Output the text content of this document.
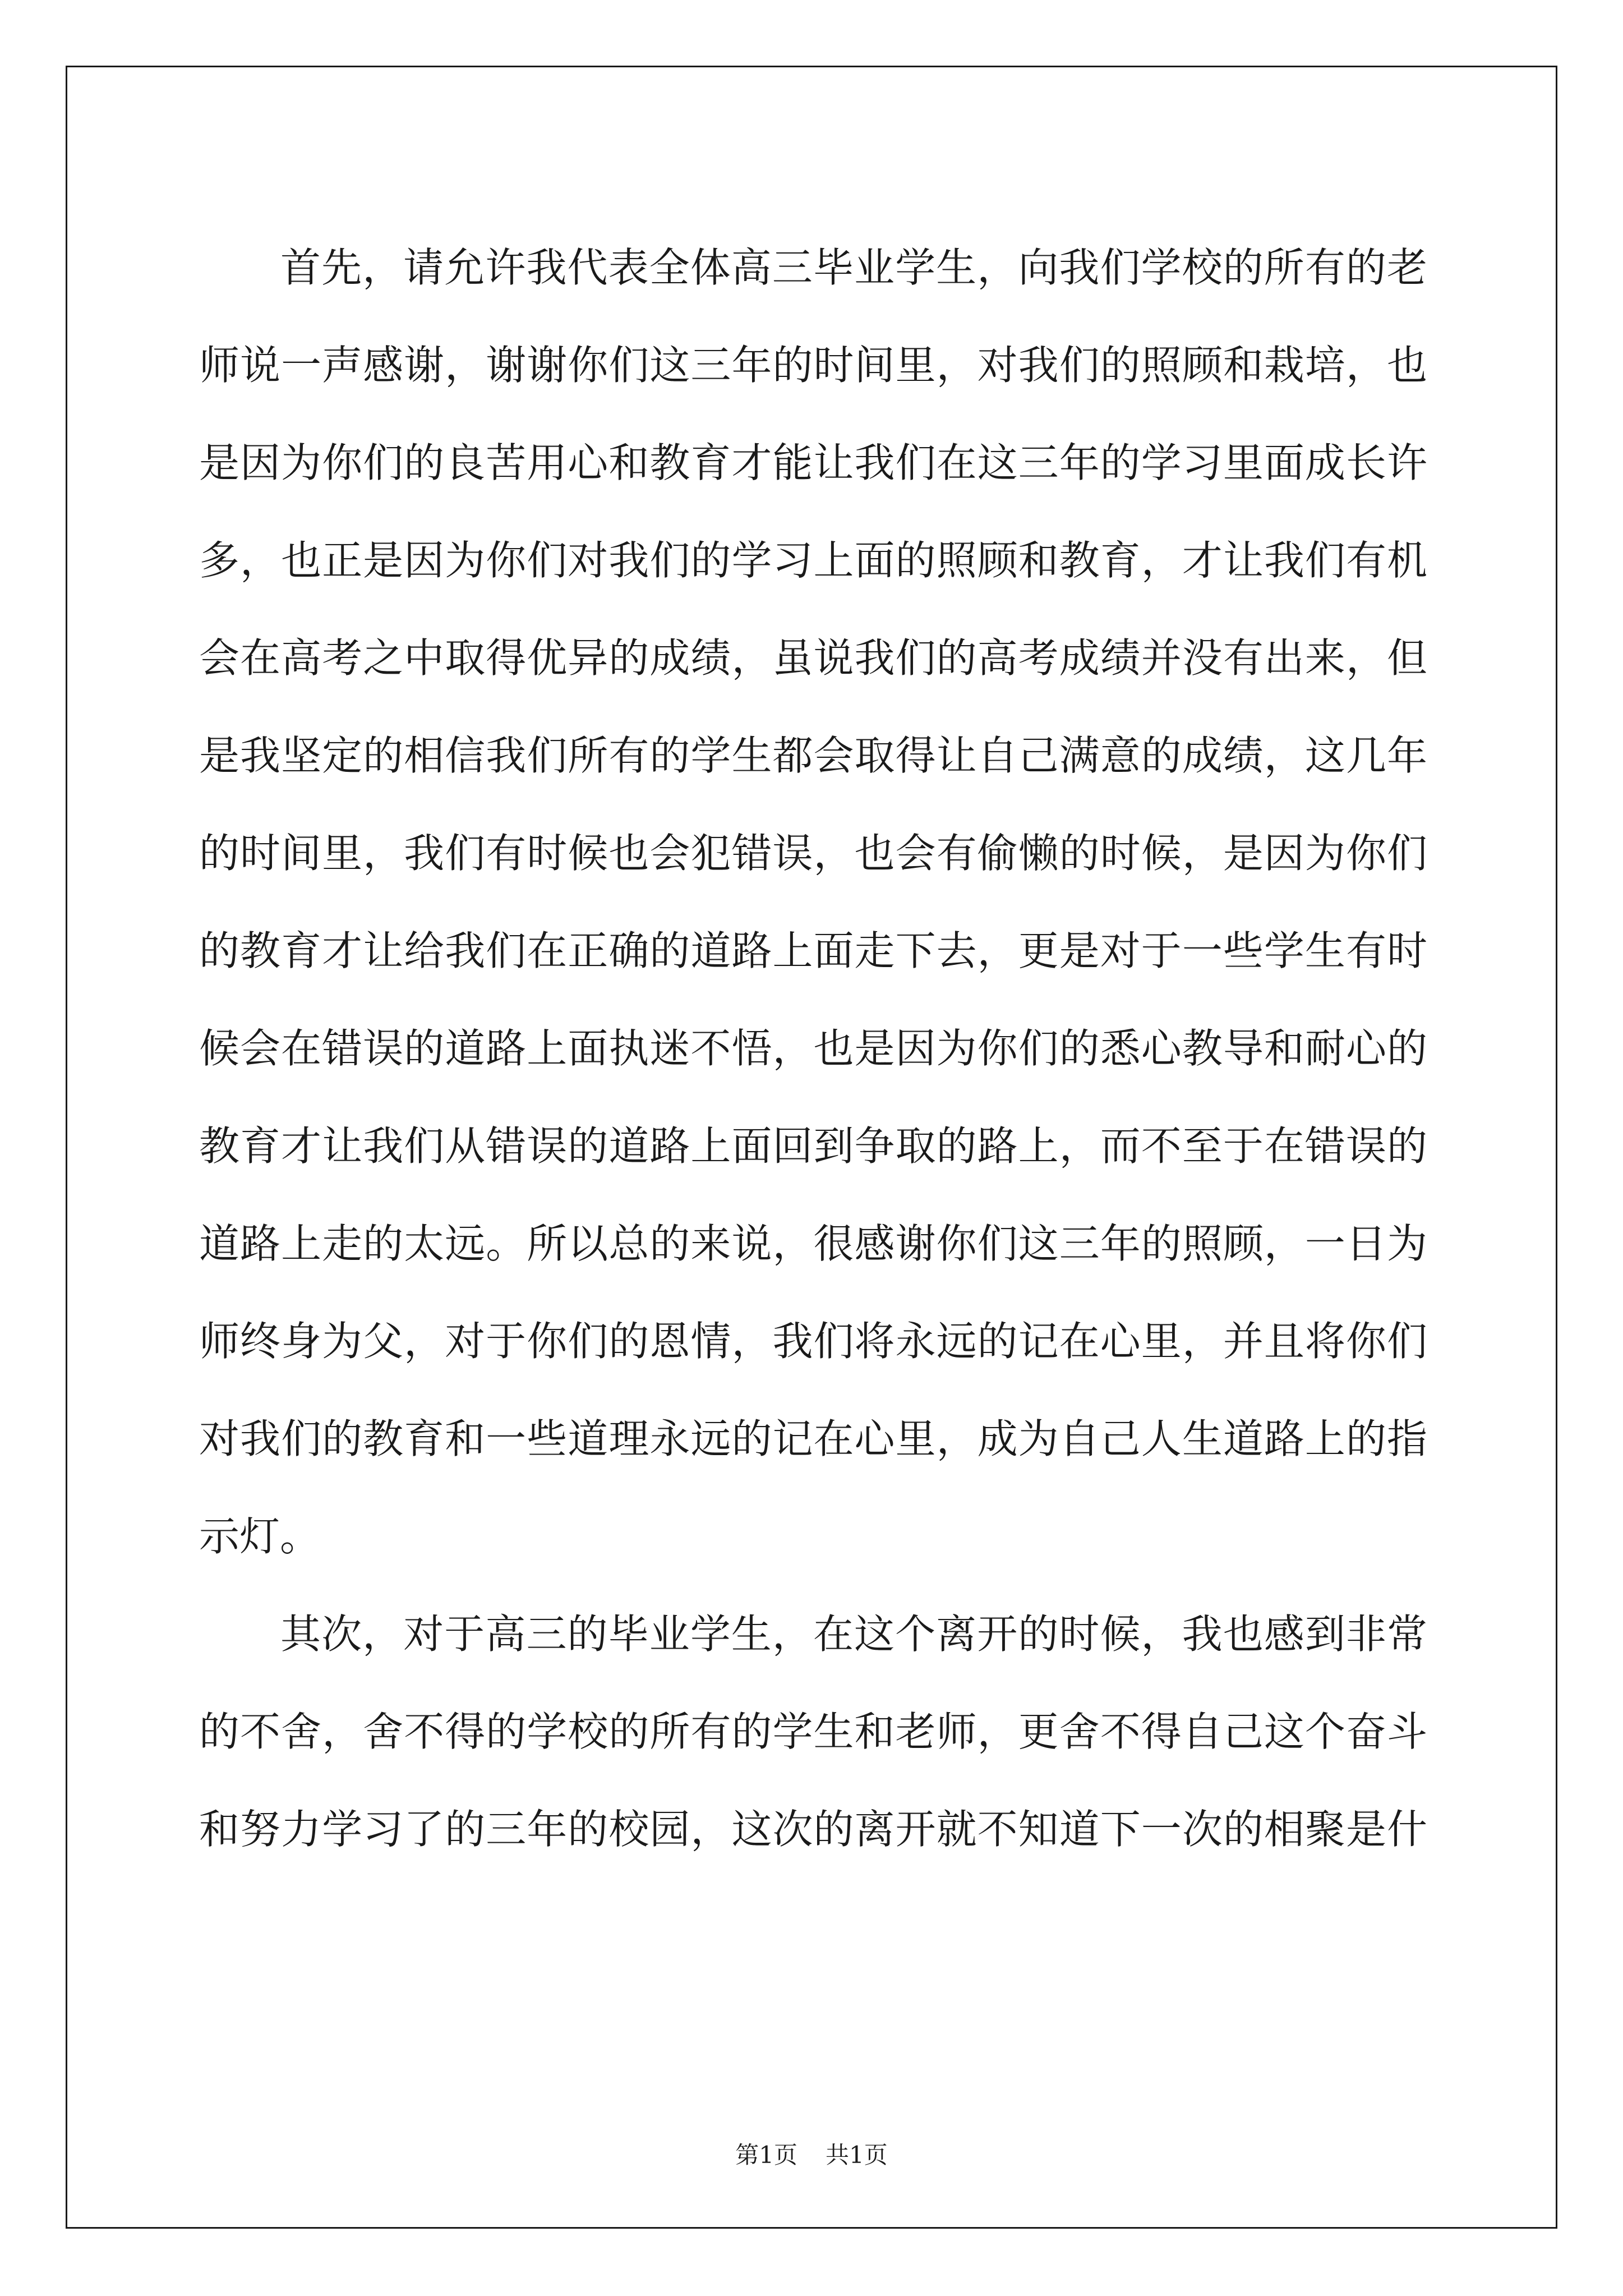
首先，请允许我代表全体高三毕业学生，向我们学校的所有的老
师说一声感谢，谢谢你们这三年的时间里，对我们的照顾和栽培，也
是因为你们的良苦用心和教育才能让我们在这三年的学习里面成长许
多，也正是因为你们对我们的学习上面的照顾和教育，才让我们有机
会在高考之中取得优异的成绩，虽说我们的高考成绩并没有出来，但
是我坚定的相信我们所有的学生都会取得让自己满意的成绩，这几年
的时间里，我们有时候也会犯错误，也会有偷懒的时候，是因为你们
的教育才让给我们在正确的道路上面走下去，更是对于一些学生有时
候会在错误的道路上面执迷不悟，也是因为你们的悉心教导和耐心的
教育才让我们从错误的道路上面回到争取的路上，而不至于在错误的
道路上走的太远。所以总的来说，很感谢你们这三年的照顾，一日为
师终身为父，对于你们的恩情，我们将永远的记在心里，并且将你们
对我们的教育和一些道理永远的记在心里，成为自己人生道路上的指
示灯。
其次，对于高三的毕业学生，在这个离开的时候，我也感到非常
的不舍，舍不得的学校的所有的学生和老师，更舍不得自己这个奋斗
和努力学习了的三年的校园，这次的离开就不知道下一次的相聚是什
第1页 共1页
